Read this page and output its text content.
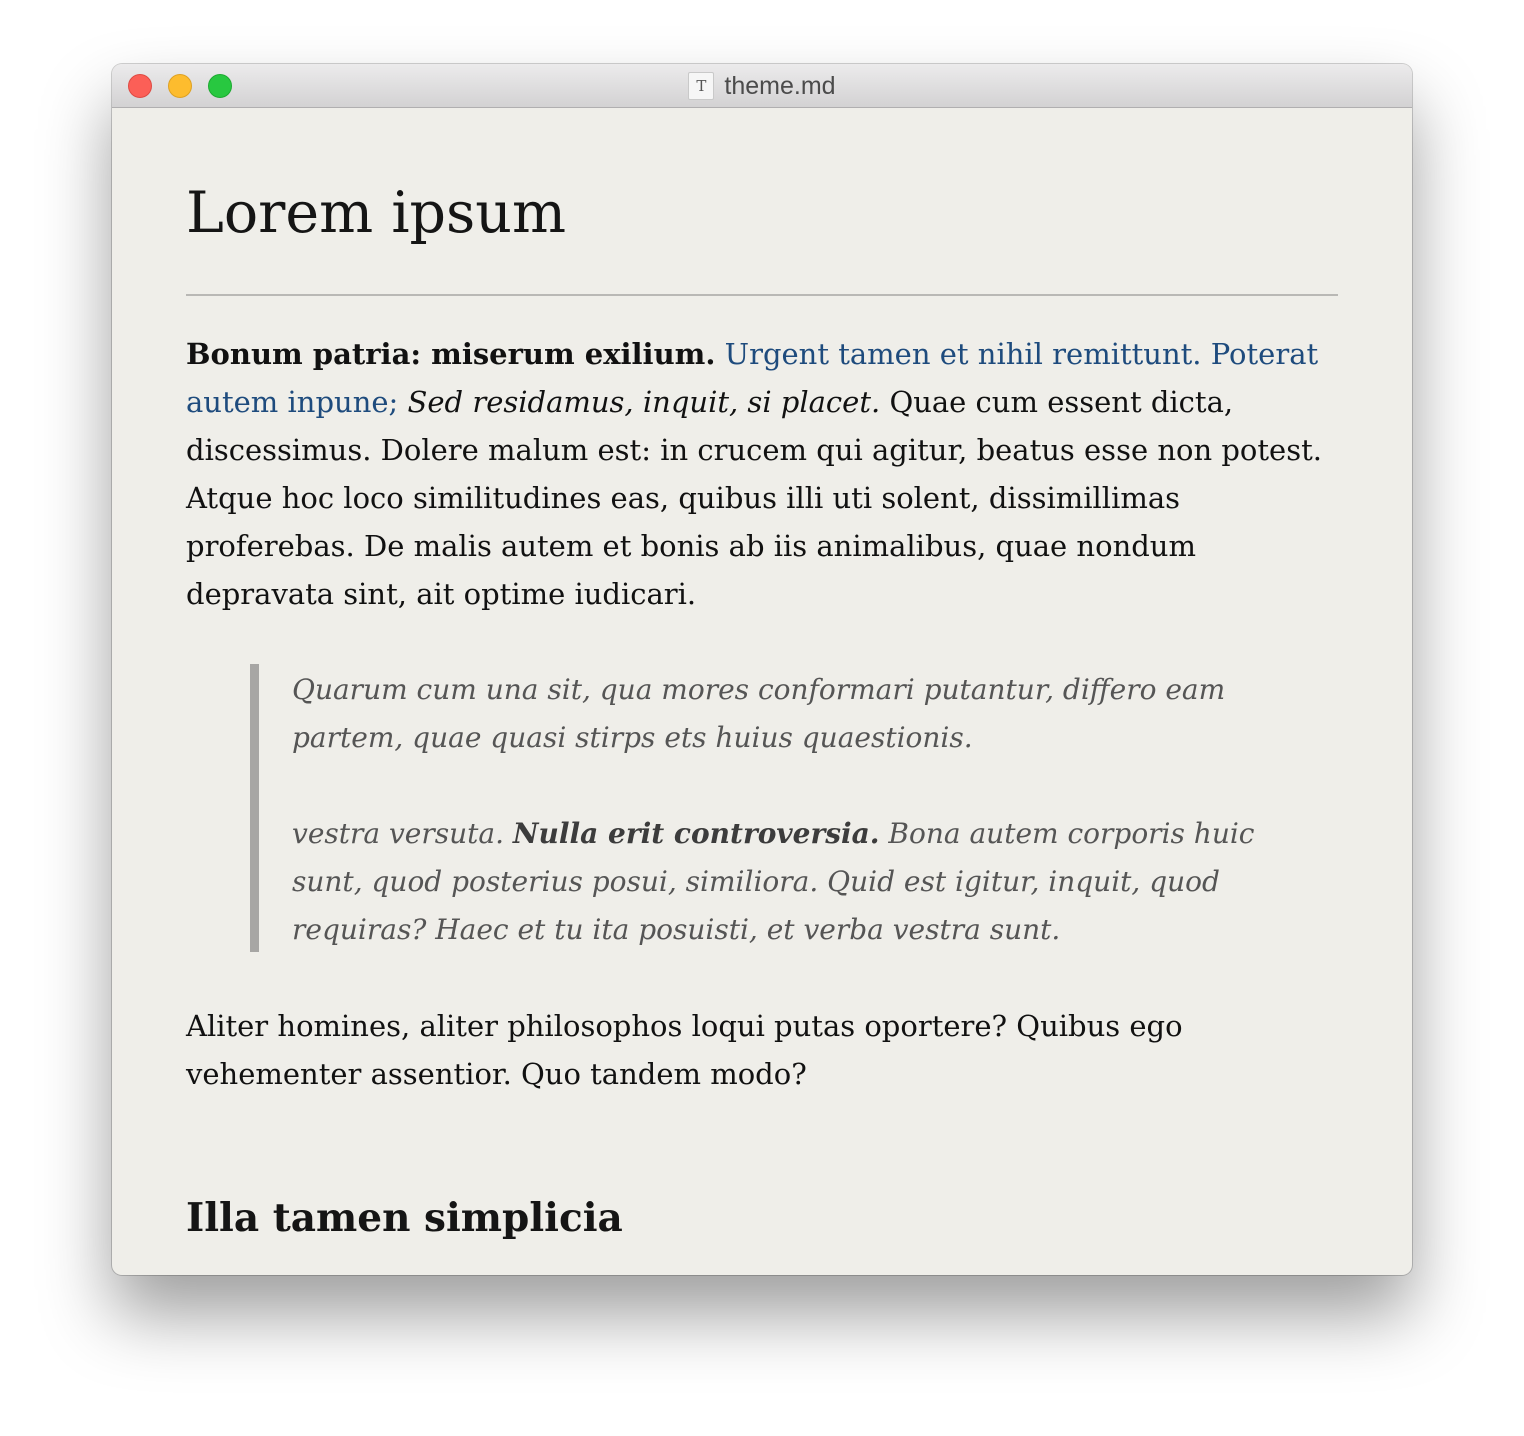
T theme.md
Lorem ipsum

Bonum patria: miserum exilium. Urgent tamen et nihil remittunt. Poterat autem inpune; Sed residamus, inquit, si placet. Quae cum essent dicta, discessimus. Dolere malum est: in crucem qui agitur, beatus esse non potest. Atque hoc loco similitudines eas, quibus illi uti solent, dissimillimas proferebas. De malis autem et bonis ab iis animalibus, quae nondum depravata sint, ait optime iudicari.

Quarum cum una sit, qua mores conformari putantur, differo eam partem, quae quasi stirps ets huius quaestionis.

vestra versuta. Nulla erit controversia. Bona autem corporis huic sunt, quod posterius posui, similiora. Quid est igitur, inquit, quod requiras? Haec et tu ita posuisti, et verba vestra sunt.

Aliter homines, aliter philosophos loqui putas oportere? Quibus ego vehementer assentior. Quo tandem modo?

Illa tamen simplicia
